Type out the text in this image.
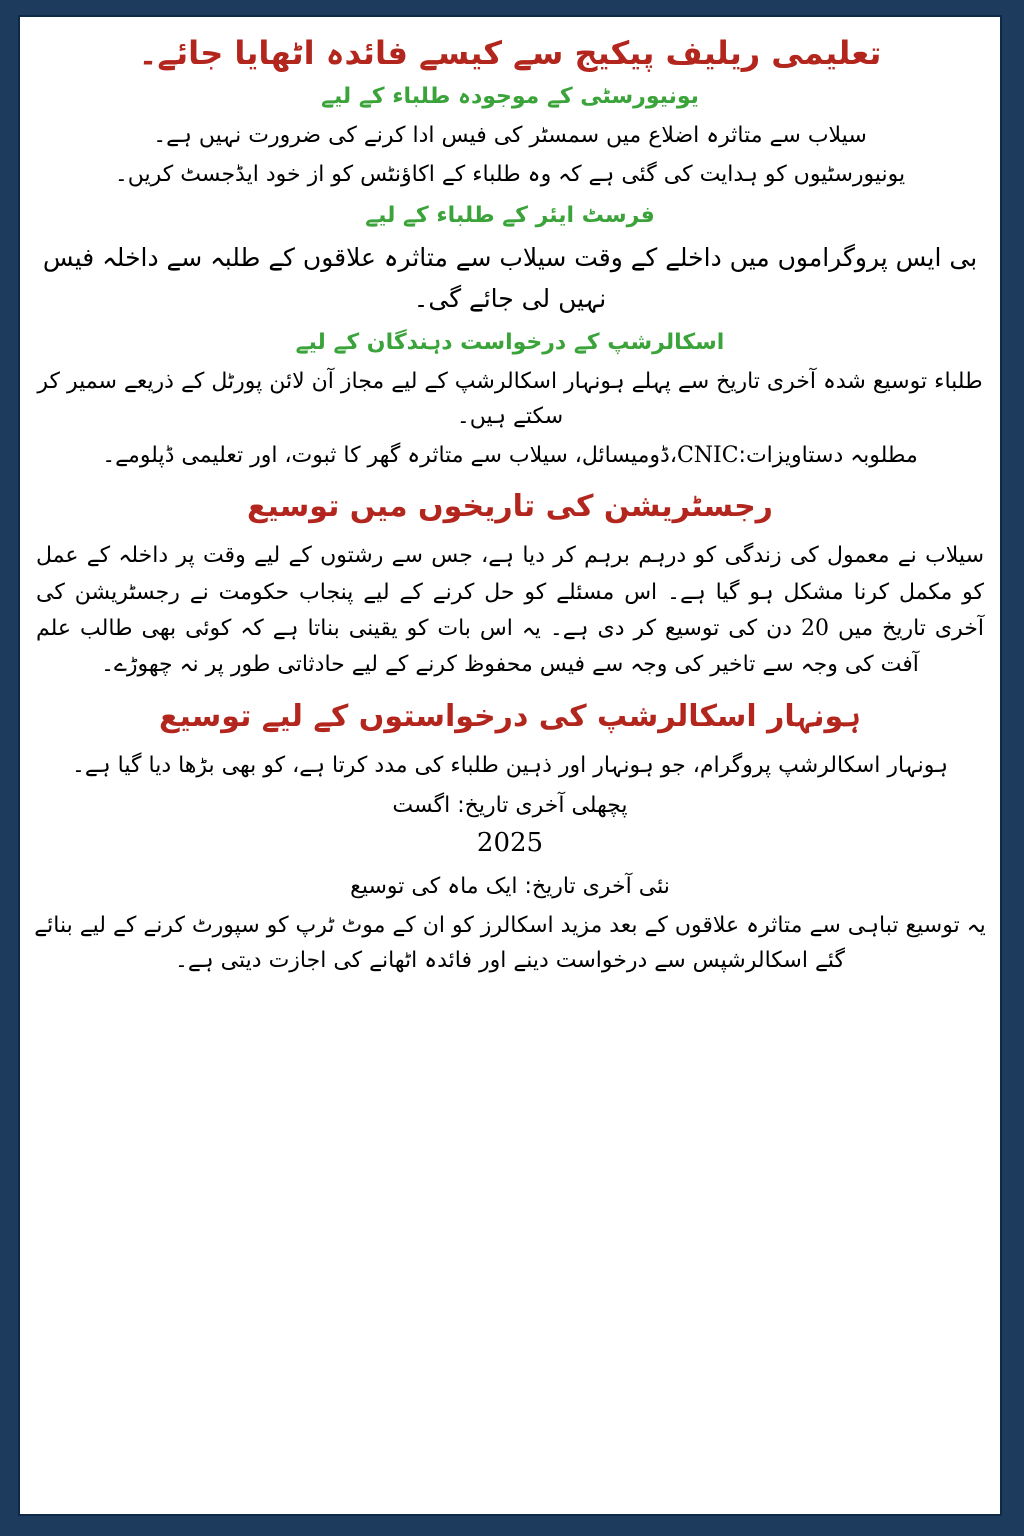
تعلیمی ریلیف پیکیج سے کیسے فائدہ اٹھایا جائے۔
یونیورسٹی کے موجودہ طلباء کے لیے
سیلاب سے متاثرہ اضلاع میں سمسٹر کی فیس ادا کرنے کی ضرورت نہیں ہے۔
یونیورسٹیوں کو ہدایت کی گئی ہے کہ وہ طلباء کے اکاؤنٹس کو از خود ایڈجسٹ کریں۔
فرسٹ ایئر کے طلباء کے لیے
بی ایس پروگراموں میں داخلے کے وقت سیلاب سے متاثرہ علاقوں کے طلبہ سے داخلہ فیس نہیں لی جائے گی۔
اسکالرشپ کے درخواست دہندگان کے لیے
طلباء توسیع شدہ آخری تاریخ سے پہلے ہونہار اسکالرشپ کے لیے مجاز آن لائن پورٹل کے ذریعے سمیر کر سکتے ہیں۔
مطلوبہ دستاویزات:CNIC،ڈومیسائل، سیلاب سے متاثرہ گھر کا ثبوت، اور تعلیمی ڈپلومے۔
رجسٹریشن کی تاریخوں میں توسیع
سیلاب نے معمول کی زندگی کو درہم برہم کر دیا ہے، جس سے رشتوں کے لیے وقت پر داخلہ کے عمل کو مکمل کرنا مشکل ہو گیا ہے۔ اس مسئلے کو حل کرنے کے لیے پنجاب حکومت نے رجسٹریشن کی آخری تاریخ میں 20 دن کی توسیع کر دی ہے۔ یہ اس بات کو یقینی بناتا ہے کہ کوئی بھی طالب علم آفت کی وجہ سے تاخیر کی وجہ سے فیس محفوظ کرنے کے لیے حادثاتی طور پر نہ چھوڑے۔
ہونہار اسکالرشپ کی درخواستوں کے لیے توسیع
ہونہار اسکالرشپ پروگرام، جو ہونہار اور ذہین طلباء کی مدد کرتا ہے، کو بھی بڑھا دیا گیا ہے۔
پچھلی آخری تاریخ: اگست
2025
نئی آخری تاریخ: ایک ماہ کی توسیع
یہ توسیع تباہی سے متاثرہ علاقوں کے بعد مزید اسکالرز کو ان کے موٹ ٹرپ کو سپورٹ کرنے کے لیے بنائے گئے اسکالرشپس سے درخواست دینے اور فائدہ اٹھانے کی اجازت دیتی ہے۔
